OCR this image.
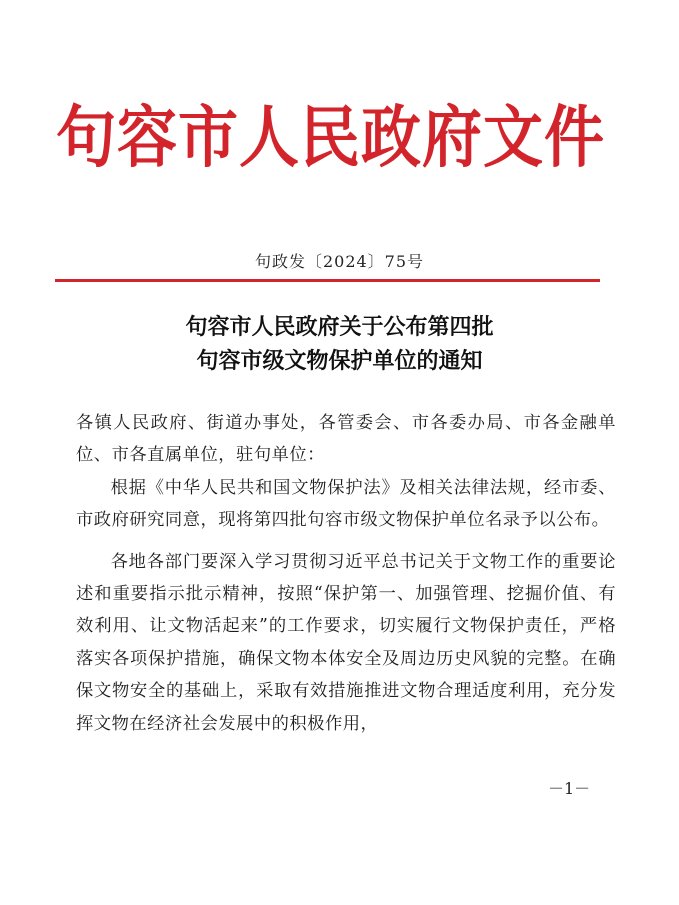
句容市人民政府文件
句政发〔2024〕75号
句容市人民政府关于公布第四批
句容市级文物保护单位的通知

各镇人民政府、街道办事处，各管委会、市各委办局、市各金融单位、市各直属单位，驻句单位：

根据《中华人民共和国文物保护法》及相关法律法规，经市委、市政府研究同意，现将第四批句容市级文物保护单位名录予以公布。

各地各部门要深入学习贯彻习近平总书记关于文物工作的重要论述和重要指示批示精神，按照“保护第一、加强管理、挖掘价值、有效利用、让文物活起来”的工作要求，切实履行文物保护责任，严格落实各项保护措施，确保文物本体安全及周边历史风貌的完整。在确保文物安全的基础上，采取有效措施推进文物合理适度利用，充分发挥文物在经济社会发展中的积极作用，

－1－
